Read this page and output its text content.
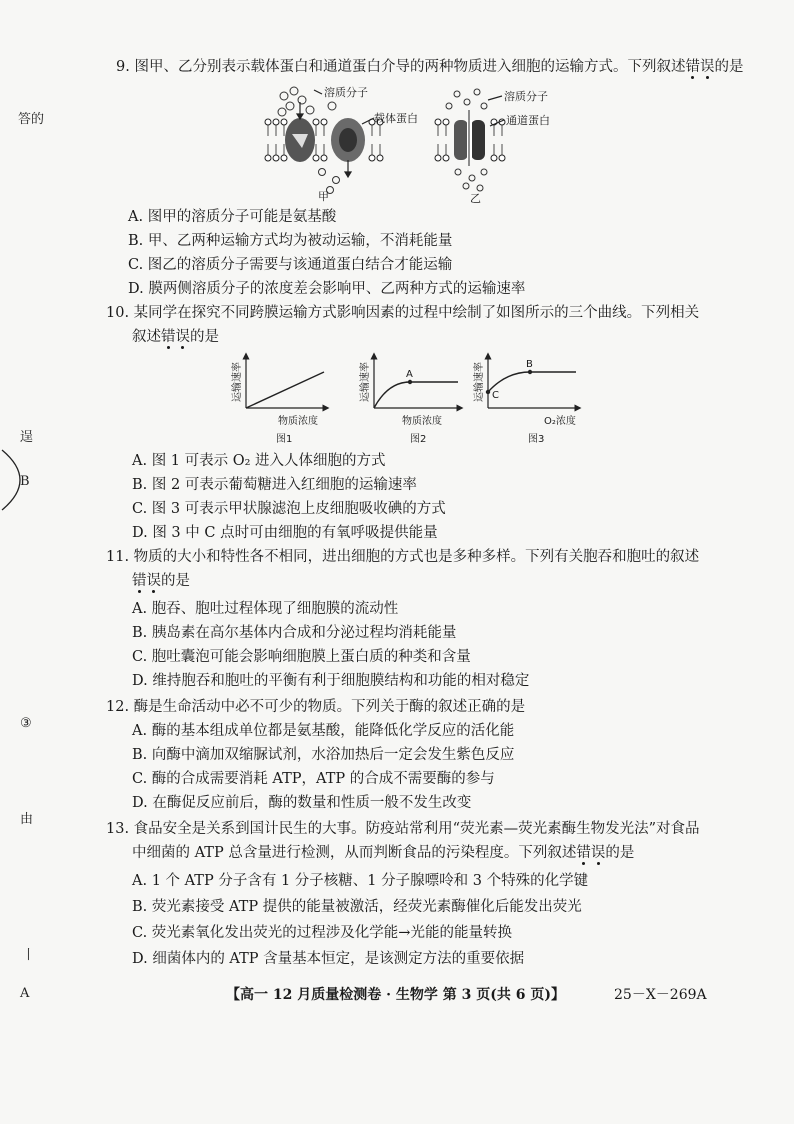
答的
逞
B
③
由
丨
A
9. 图甲、乙分别表示载体蛋白和通道蛋白介导的两种物质进入细胞的运输方式。下列叙述错误的是
溶质分子
载体蛋白
甲
溶质分子
通道蛋白
乙
A. 图甲的溶质分子可能是氨基酸
B. 甲、乙两种运输方式均为被动运输，不消耗能量
C. 图乙的溶质分子需要与该通道蛋白结合才能运输
D. 膜两侧溶质分子的浓度差会影响甲、乙两种方式的运输速率
10. 某同学在探究不同跨膜运输方式影响因素的过程中绘制了如图所示的三个曲线。下列相关
叙述错误的是
运输速率
物质浓度
图1
A
运输速率
物质浓度
图2
C
B
运输速率
O₂浓度
图3
A. 图 1 可表示 O₂ 进入人体细胞的方式
B. 图 2 可表示葡萄糖进入红细胞的运输速率
C. 图 3 可表示甲状腺滤泡上皮细胞吸收碘的方式
D. 图 3 中 C 点时可由细胞的有氧呼吸提供能量
11. 物质的大小和特性各不相同，进出细胞的方式也是多种多样。下列有关胞吞和胞吐的叙述
错误的是
A. 胞吞、胞吐过程体现了细胞膜的流动性
B. 胰岛素在高尔基体内合成和分泌过程均消耗能量
C. 胞吐囊泡可能会影响细胞膜上蛋白质的种类和含量
D. 维持胞吞和胞吐的平衡有利于细胞膜结构和功能的相对稳定
12. 酶是生命活动中必不可少的物质。下列关于酶的叙述正确的是
A. 酶的基本组成单位都是氨基酸，能降低化学反应的活化能
B. 向酶中滴加双缩脲试剂，水浴加热后一定会发生紫色反应
C. 酶的合成需要消耗 ATP，ATP 的合成不需要酶的参与
D. 在酶促反应前后，酶的数量和性质一般不发生改变
13. 食品安全是关系到国计民生的大事。防疫站常利用“荧光素—荧光素酶生物发光法”对食品
中细菌的 ATP 总含量进行检测，从而判断食品的污染程度。下列叙述错误的是
A. 1 个 ATP 分子含有 1 分子核糖、1 分子腺嘌呤和 3 个特殊的化学键
B. 荧光素接受 ATP 提供的能量被激活，经荧光素酶催化后能发出荧光
C. 荧光素氧化发出荧光的过程涉及化学能→光能的能量转换
D. 细菌体内的 ATP 含量基本恒定，是该测定方法的重要依据
【高一 12 月质量检测卷 · 生物学 第 3 页(共 6 页)】	25－X－269A
